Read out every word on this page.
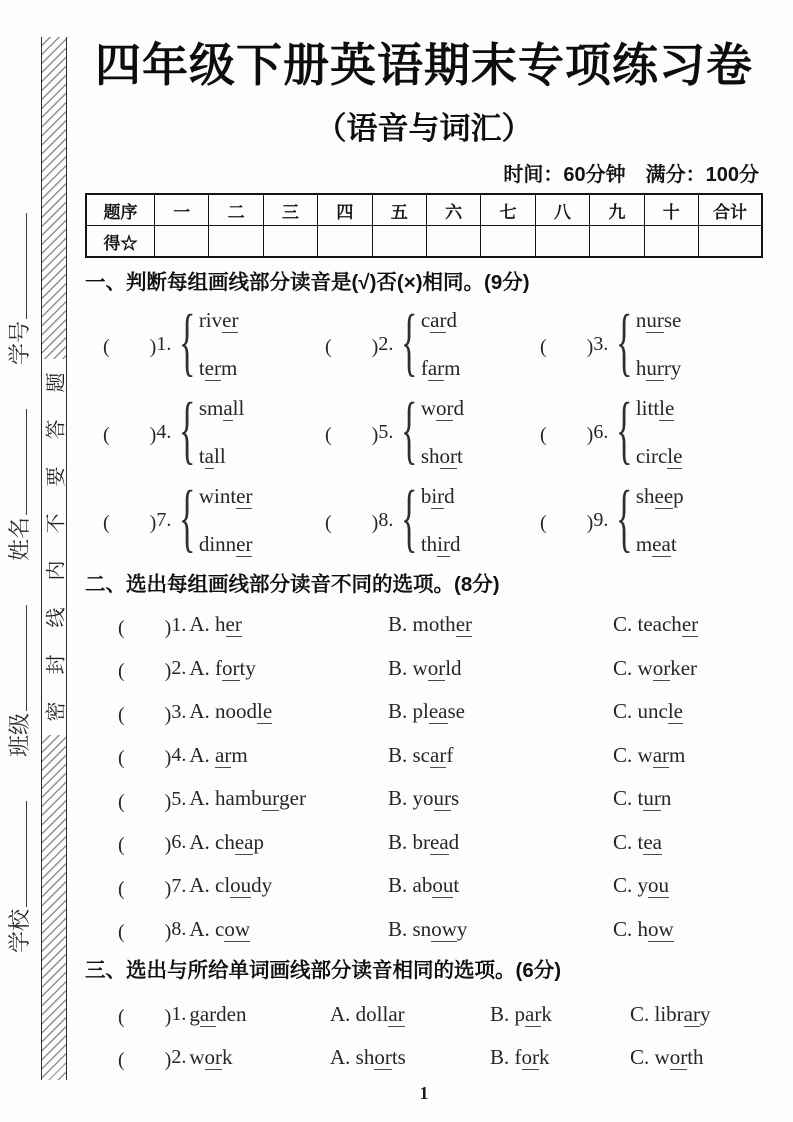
学校班级姓名学号
题
答
要
不
内
线
封
密
四年级下册英语期末专项练习卷
（语音与词汇）
时间：60分钟　满分：100分
题序	一	二	三	四	五	六	七	八	九	十	合计
得☆											
一、判断每组画线部分读音是(√)否(×)相同。(9分)
(　　) 1. { river
term
(　　) 2. { card
farm
(　　) 3. { nurse
hurry
(　　) 4. { small
tall
(　　) 5. { word
short
(　　) 6. { little
circle
(　　) 7. { winter
dinner
(　　) 8. { bird
third
(　　) 9. { sheep
meat
二、选出每组画线部分读音不同的选项。(8分)
(　　) 1. A. her	B. mother	C. teacher
(　　) 2. A. forty	B. world	C. worker
(　　) 3. A. noodle	B. please	C. uncle
(　　) 4. A. arm	B. scarf	C. warm
(　　) 5. A. hamburger	B. yours	C. turn
(　　) 6. A. cheap	B. bread	C. tea
(　　) 7. A. cloudy	B. about	C. you
(　　) 8. A. cow	B. snowy	C. how
三、选出与所给单词画线部分读音相同的选项。(6分)
(　　) 1. garden	A. dollar	B. park	C. library
(　　) 2. work	A. shorts	B. fork	C. worth
1
